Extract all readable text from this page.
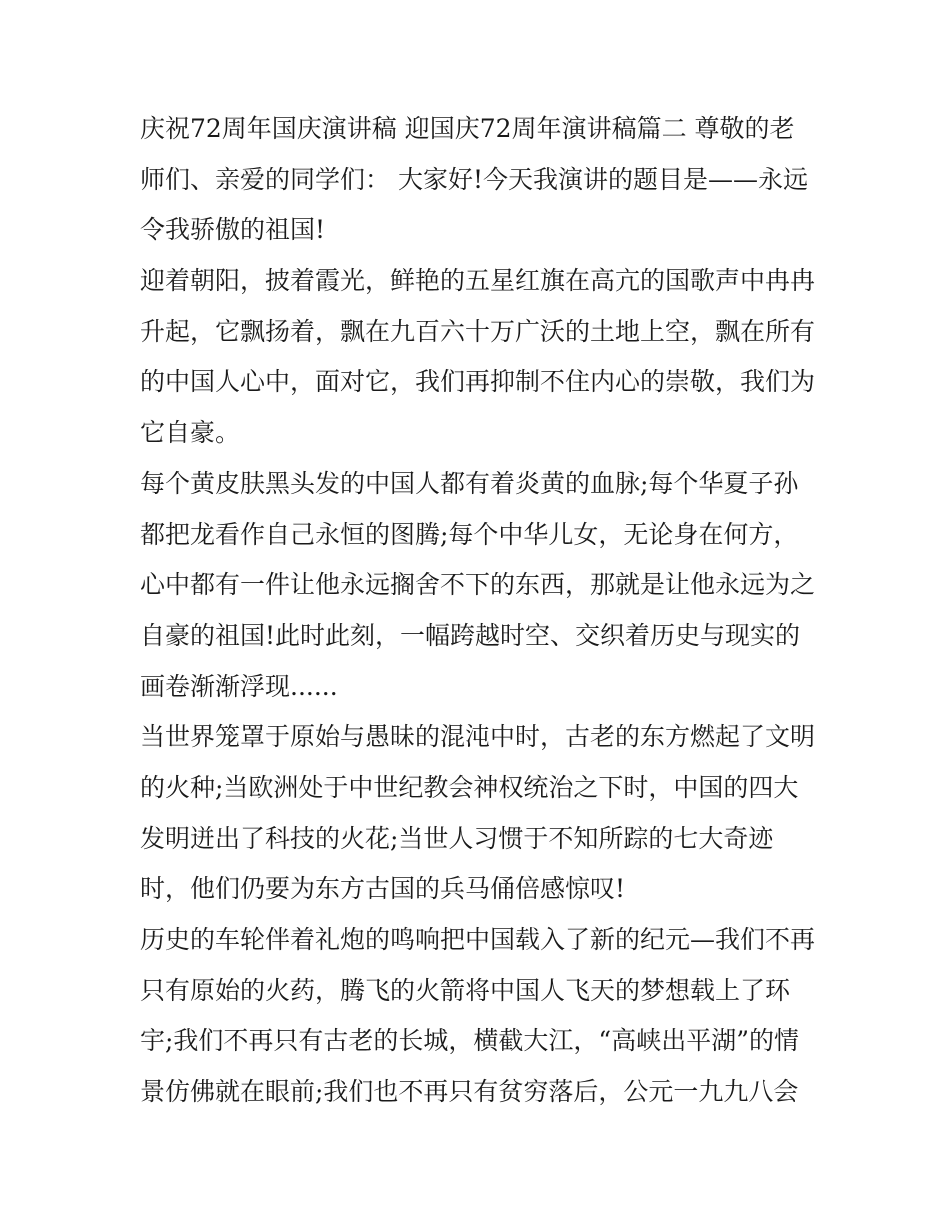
庆祝72周年国庆演讲稿 迎国庆72周年演讲稿篇二 尊敬的老
师们、亲爱的同学们： 大家好!今天我演讲的题目是——永远
令我骄傲的祖国!
迎着朝阳，披着霞光，鲜艳的五星红旗在高亢的国歌声中冉冉
升起，它飘扬着，飘在九百六十万广沃的土地上空，飘在所有
的中国人心中，面对它，我们再抑制不住内心的崇敬，我们为
它自豪。
每个黄皮肤黑头发的中国人都有着炎黄的血脉;每个华夏子孙
都把龙看作自己永恒的图腾;每个中华儿女，无论身在何方，
心中都有一件让他永远搁舍不下的东西，那就是让他永远为之
自豪的祖国!此时此刻，一幅跨越时空、交织着历史与现实的
画卷渐渐浮现......
当世界笼罩于原始与愚昧的混沌中时，古老的东方燃起了文明
的火种;当欧洲处于中世纪教会神权统治之下时，中国的四大
发明迸出了科技的火花;当世人习惯于不知所踪的七大奇迹
时，他们仍要为东方古国的兵马俑倍感惊叹!
历史的车轮伴着礼炮的鸣响把中国载入了新的纪元—我们不再
只有原始的火药，腾飞的火箭将中国人飞天的梦想载上了环
宇;我们不再只有古老的长城，横截大江，“高峡出平湖”的情
景仿佛就在眼前;我们也不再只有贫穷落后，公元一九九八会
